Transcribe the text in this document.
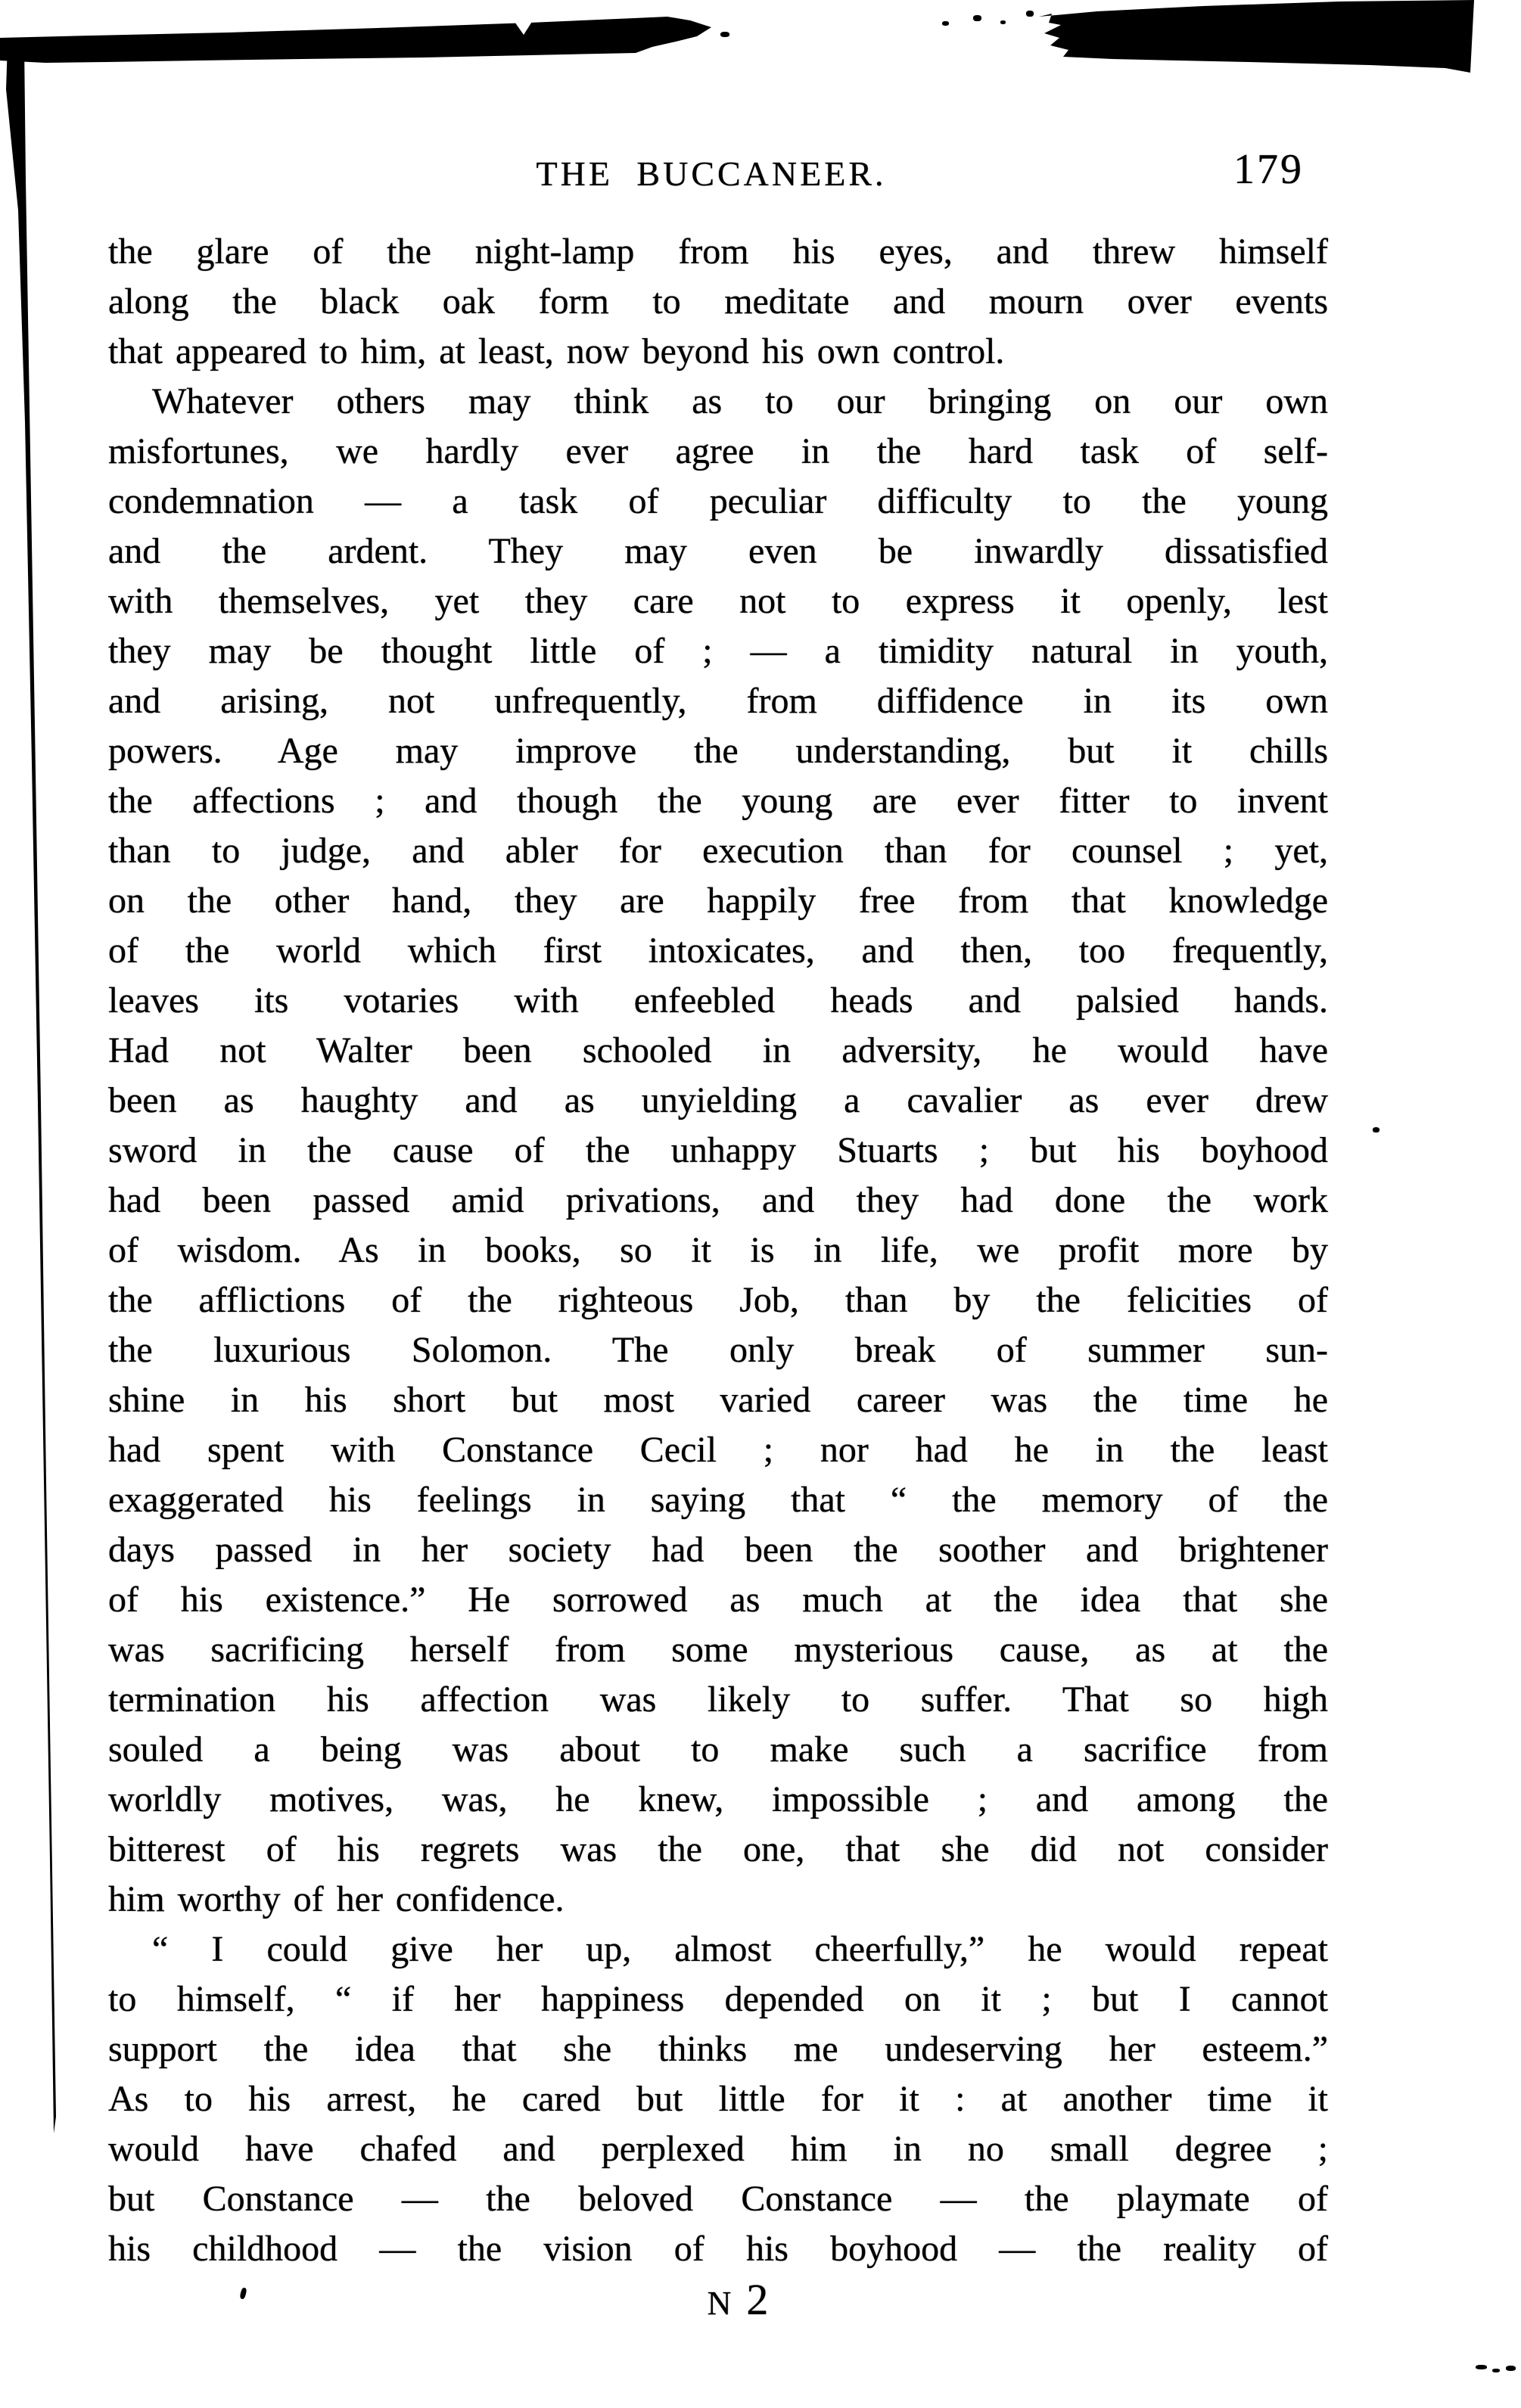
THE BUCCANEER.	179
the glare of the night-lamp from his eyes, and threw himself
along the black oak form to meditate and mourn over events
that appeared to him, at least, now beyond his own control.
Whatever others may think as to our bringing on our own
misfortunes, we hardly ever agree in the hard task of self-
condemnation — a task of peculiar difficulty to the young
and the ardent. They may even be inwardly dissatisfied
with themselves, yet they care not to express it openly, lest
they may be thought little of ; — a timidity natural in youth,
and arising, not unfrequently, from diffidence in its own
powers. Age may improve the understanding, but it chills
the affections ; and though the young are ever fitter to invent
than to judge, and abler for execution than for counsel ; yet,
on the other hand, they are happily free from that knowledge
of the world which first intoxicates, and then, too frequently,
leaves its votaries with enfeebled heads and palsied hands.
Had not Walter been schooled in adversity, he would have
been as haughty and as unyielding a cavalier as ever drew
sword in the cause of the unhappy Stuarts ; but his boyhood
had been passed amid privations, and they had done the work
of wisdom. As in books, so it is in life, we profit more by
the afflictions of the righteous Job, than by the felicities of
the luxurious Solomon. The only break of summer sun-
shine in his short but most varied career was the time he
had spent with Constance Cecil ; nor had he in the least
exaggerated his feelings in saying that “ the memory of the
days passed in her society had been the soother and brightener
of his existence.” He sorrowed as much at the idea that she
was sacrificing herself from some mysterious cause, as at the
termination his affection was likely to suffer. That so high
souled a being was about to make such a sacrifice from
worldly motives, was, he knew, impossible ; and among the
bitterest of his regrets was the one, that she did not consider
him worthy of her confidence.
“ I could give her up, almost cheerfully,” he would repeat
to himself, “ if her happiness depended on it ; but I cannot
support the idea that she thinks me undeserving her esteem.”
As to his arrest, he cared but little for it : at another time it
would have chafed and perplexed him in no small degree ;
but Constance — the beloved Constance — the playmate of
his childhood — the vision of his boyhood — the reality of
N 2
